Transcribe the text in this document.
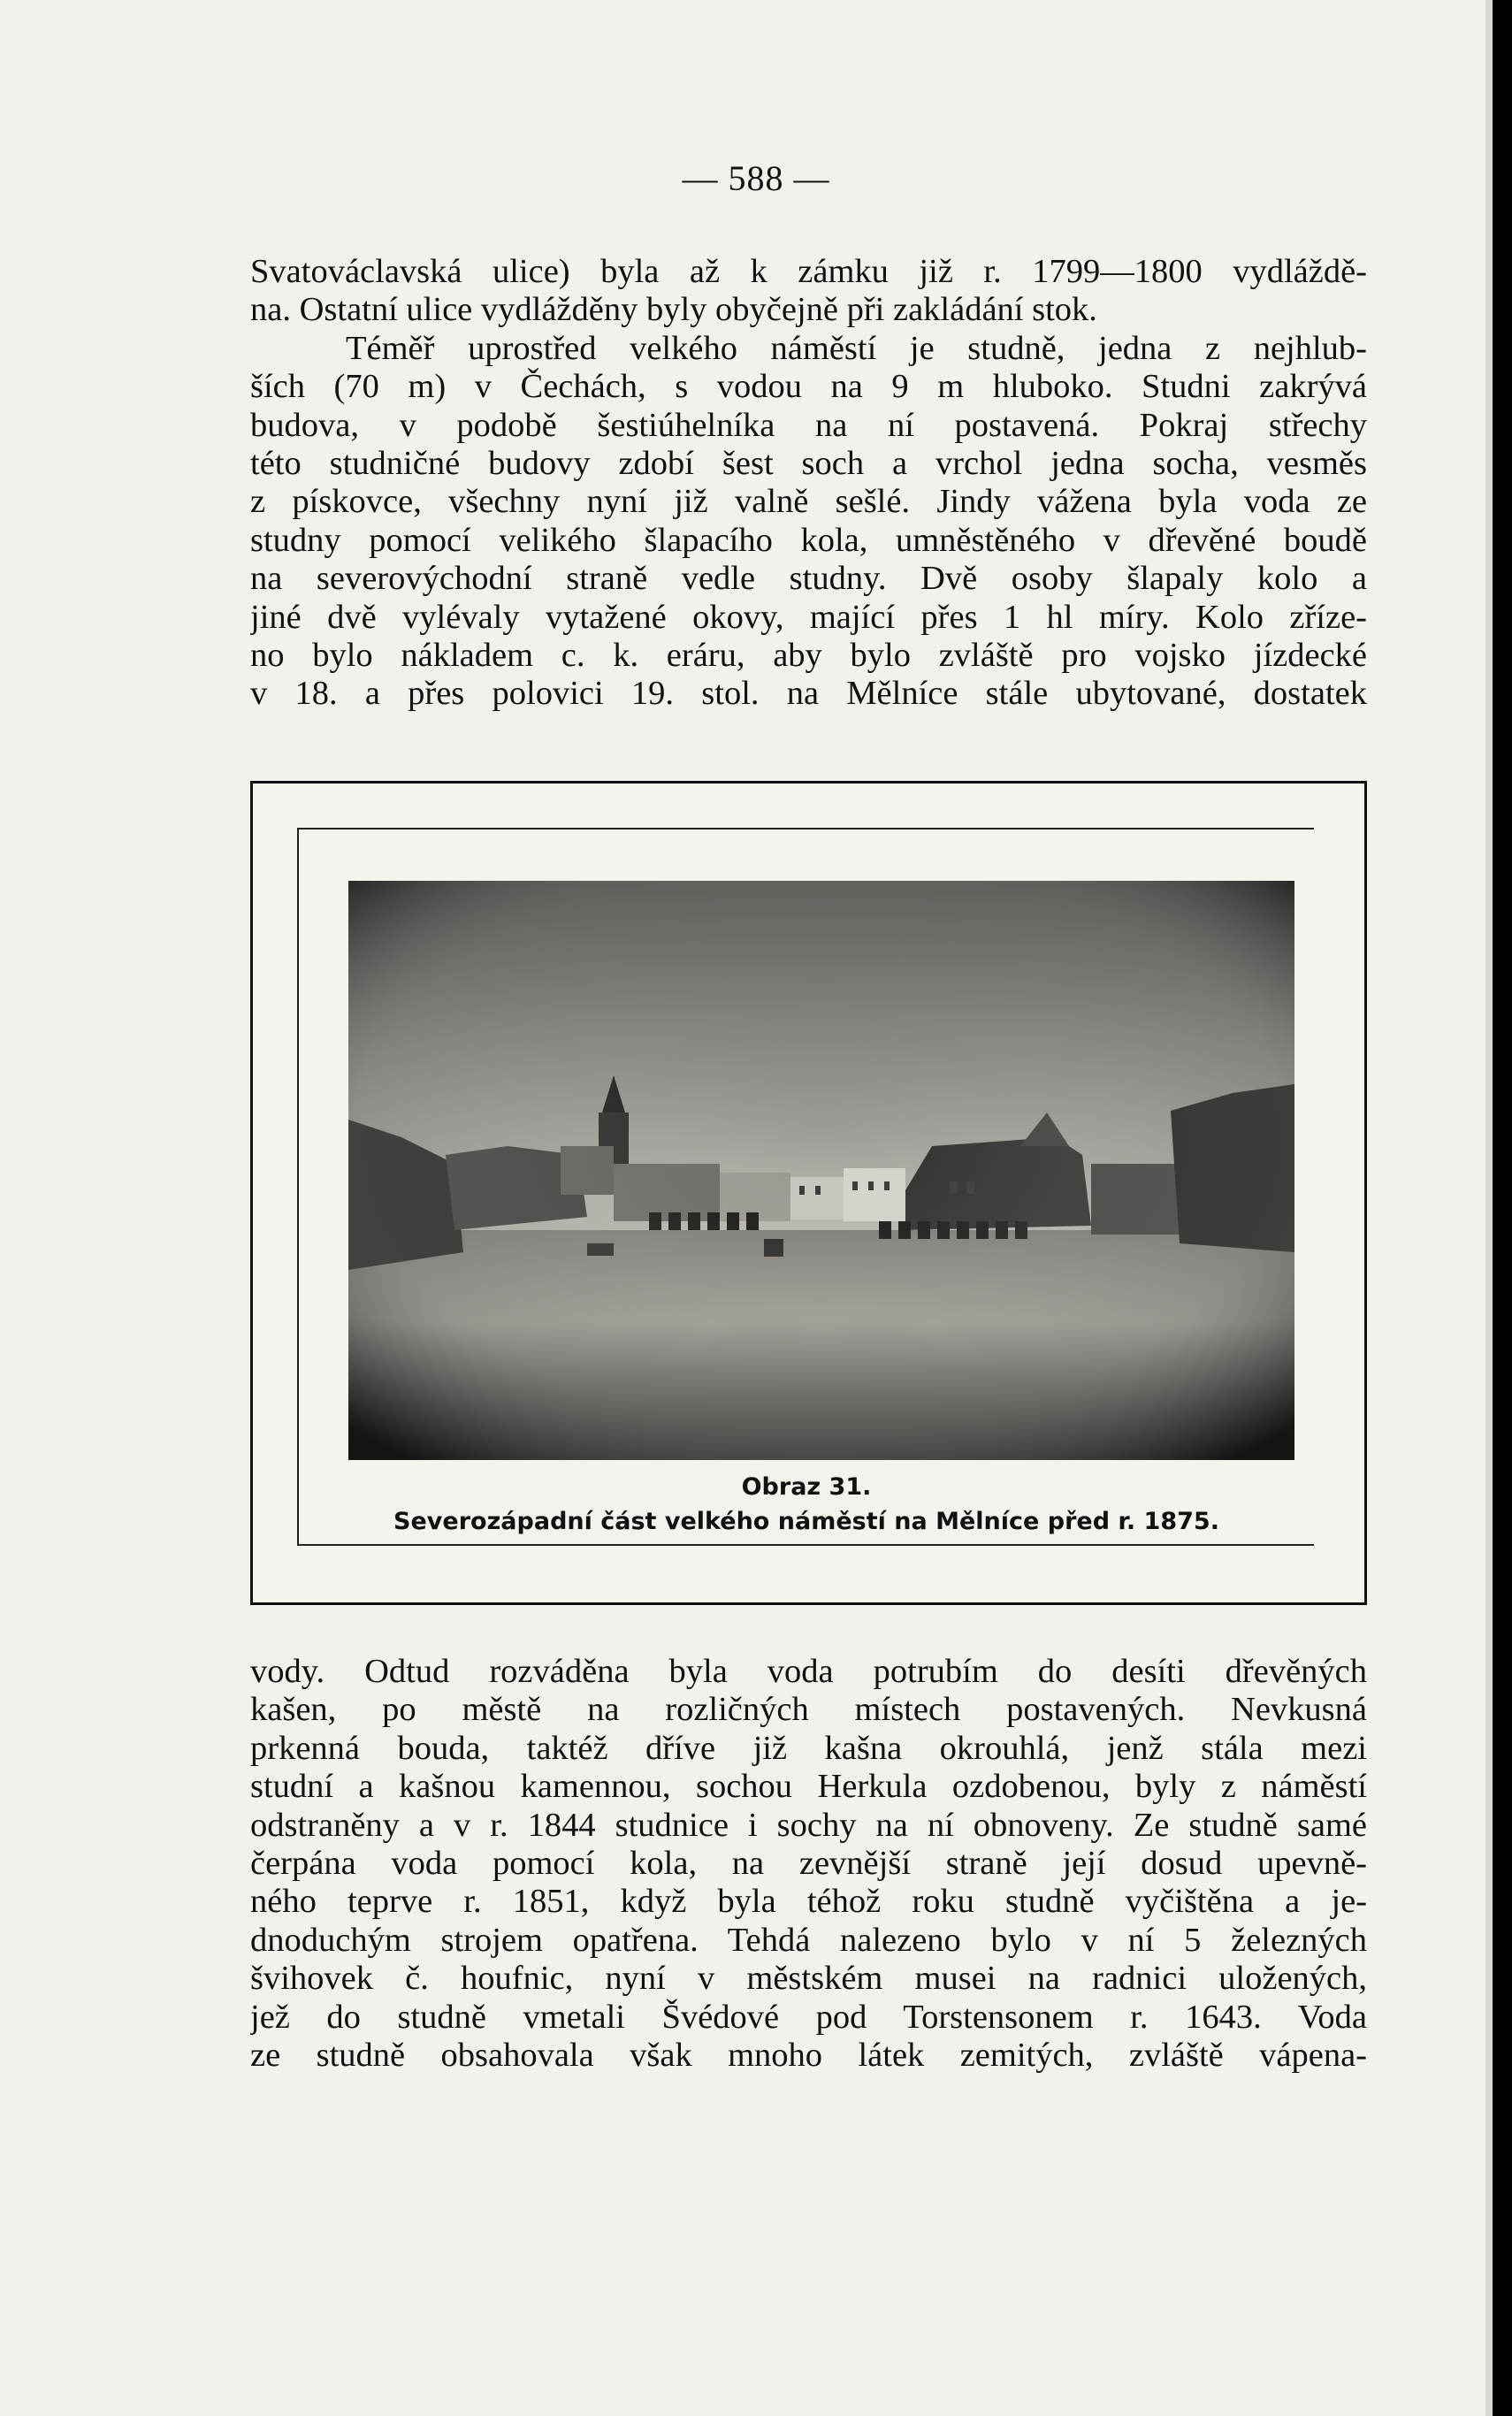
— 588 —
Svatováclavská ulice) byla až k zámku již r. 1799—1800 vydláždě-
na. Ostatní ulice vydlážděny byly obyčejně při zakládání stok.
Téměř uprostřed velkého náměstí je studně, jedna z nejhlub-
ších (70 m) v Čechách, s vodou na 9 m hluboko. Studni zakrývá
budova, v podobě šestiúhelníka na ní postavená. Pokraj střechy
této studničné budovy zdobí šest soch a vrchol jedna socha, vesměs
z pískovce, všechny nyní již valně sešlé. Jindy vážena byla voda ze
studny pomocí velikého šlapacího kola, umněstěného v dřevěné boudě
na severovýchodní straně vedle studny. Dvě osoby šlapaly kolo a
jiné dvě vylévaly vytažené okovy, mající přes 1 hl míry. Kolo zřízе-
no bylo nákladem c. k. eráru, aby bylo zvláště pro vojsko jízdecké
v 18. a přes polovici 19. stol. na Mělníce stále ubytované, dostatek
Obraz 31.
Severozápadní část velkého náměstí na Mělníce před r. 1875.
vody. Odtud rozváděna byla voda potrubím do desíti dřevěných
kašen, po městě na rozličných místech postavených. Nevkusná
prkenná bouda, taktéž dříve již kašna okrouhlá, jenž stála mezi
studní a kašnou kamennou, sochou Herkula ozdobenou, byly z náměstí
odstraněny a v r. 1844 studnice i sochy na ní obnoveny. Ze studně samé
čerpána voda pomocí kola, na zevnější straně její dosud upevně-
ného teprve r. 1851, když byla téhož roku studně vyčištěna a je-
dnoduchým strojem opatřena. Tehdá nalezeno bylo v ní 5 železných
švihovek č. houfnic, nyní v městském musei na radnici uložených,
jež do studně vmetali Švédové pod Torstensonem r. 1643. Voda
ze studně obsahovala však mnoho látek zemitých, zvláště vápena-
